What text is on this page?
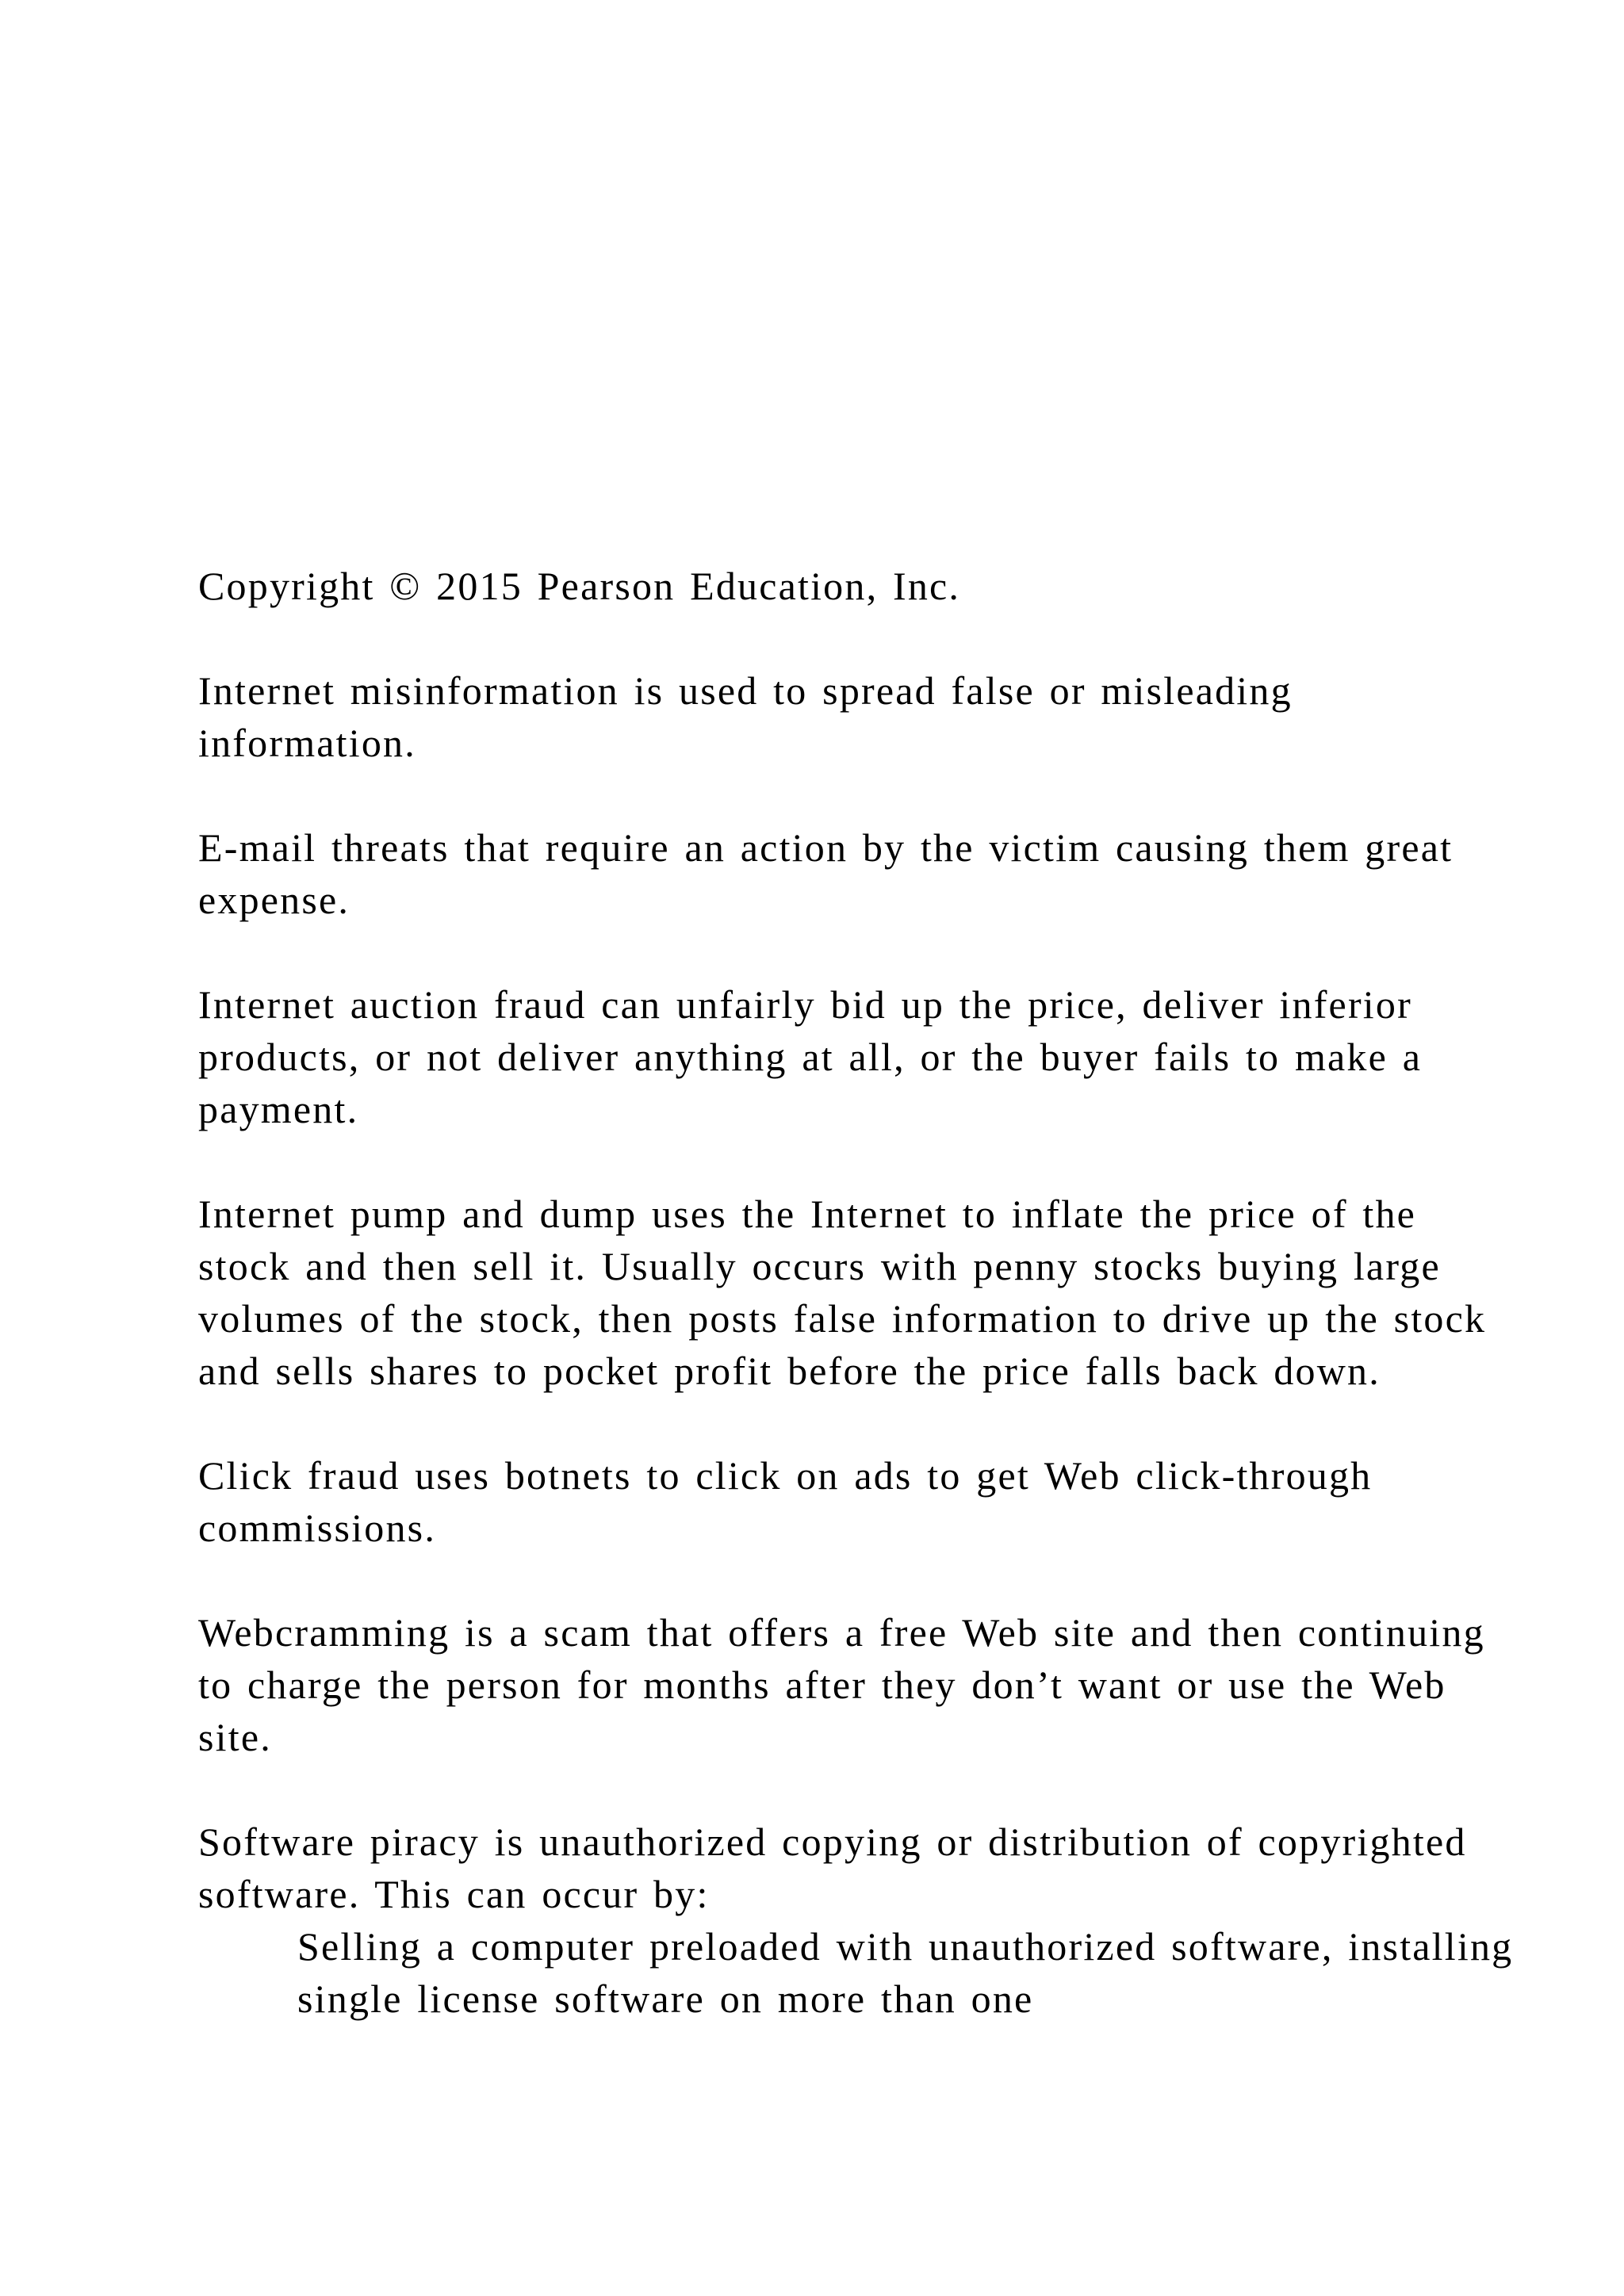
Copyright © 2015 Pearson Education, Inc.

Internet misinformation is used to spread false or misleading information.

E-mail threats that require an action by the victim causing them great expense.

Internet auction fraud can unfairly bid up the price, deliver inferior products, or not deliver anything at all, or the buyer fails to make a payment.

Internet pump and dump uses the Internet to inflate the price of the stock and then sell it. Usually occurs with penny stocks buying large volumes of the stock, then posts false information to drive up the stock and sells shares to pocket profit before the price falls back down.

Click fraud uses botnets to click on ads to get Web click-through commissions.

Webcramming is a scam that offers a free Web site and then continuing to charge the person for months after they don’t want or use the Web site.

Software piracy is unauthorized copying or distribution of copyrighted software. This can occur by:
Selling a computer preloaded with unauthorized software, installing single license software on more than one
